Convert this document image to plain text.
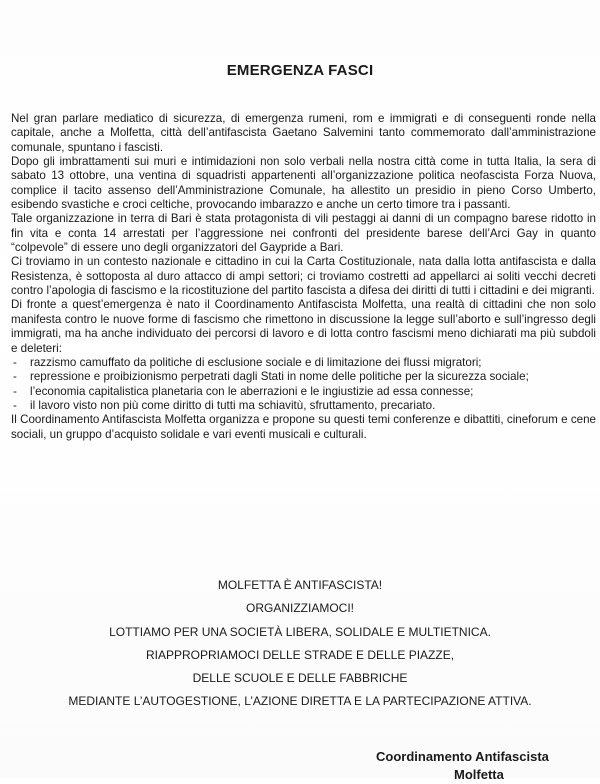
EMERGENZA FASCI

Nel gran parlare mediatico di sicurezza, di emergenza rumeni, rom e immigrati e di conseguenti ronde nella capitale, anche a Molfetta, città dell’antifascista Gaetano Salvemini tanto commemorato dall’amministrazione comunale, spuntano i fascisti.

Dopo gli imbrattamenti sui muri e intimidazioni non solo verbali nella nostra città come in tutta Italia, la sera di sabato 13 ottobre, una ventina di squadristi appartenenti all’organizzazione politica neofascista Forza Nuova, complice il tacito assenso dell’Amministrazione Comunale, ha allestito un presidio in pieno Corso Umberto, esibendo svastiche e croci celtiche, provocando imbarazzo e anche un certo timore tra i passanti.

Tale organizzazione in terra di Bari è stata protagonista di vili pestaggi ai danni di un compagno barese ridotto in fin vita e conta 14 arrestati per l’aggressione nei confronti del presidente barese dell’Arci Gay in quanto “colpevole” di essere uno degli organizzatori del Gaypride a Bari.

Ci troviamo in un contesto nazionale e cittadino in cui la Carta Costituzionale, nata dalla lotta antifascista e dalla Resistenza, è sottoposta al duro attacco di ampi settori; ci troviamo costretti ad appellarci ai soliti vecchi decreti contro l’apologia di fascismo e la ricostituzione del partito fascista a difesa dei diritti di tutti i cittadini e dei migranti.

Di fronte a quest’emergenza è nato il Coordinamento Antifascista Molfetta, una realtà di cittadini che non solo manifesta contro le nuove forme di fascismo che rimettono in discussione la legge sull’aborto e sull’ingresso degli immigrati, ma ha anche individuato dei percorsi di lavoro e di lotta contro fascismi meno dichiarati ma più subdoli e deleteri:

- razzismo camuffato da politiche di esclusione sociale e di limitazione dei flussi migratori;
- repressione e proibizionismo perpetrati dagli Stati in nome delle politiche per la sicurezza sociale;
- l’economia capitalistica planetaria con le aberrazioni e le ingiustizie ad essa connesse;
- il lavoro visto non più come diritto di tutti ma schiavitù, sfruttamento, precariato.

Il Coordinamento Antifascista Molfetta organizza e propone su questi temi conferenze e dibattiti, cineforum e cene sociali, un gruppo d’acquisto solidale e vari eventi musicali e culturali.

MOLFETTA È ANTIFASCISTA!
ORGANIZZIAMOCI!
LOTTIAMO PER UNA SOCIETÀ LIBERA, SOLIDALE E MULTIETNICA.
RIAPPROPRIAMOCI DELLE STRADE E DELLE PIAZZE,
DELLE SCUOLE E DELLE FABBRICHE
MEDIANTE L’AUTOGESTIONE, L’AZIONE DIRETTA E LA PARTECIPAZIONE ATTIVA.
Coordinamento Antifascista
Molfetta
